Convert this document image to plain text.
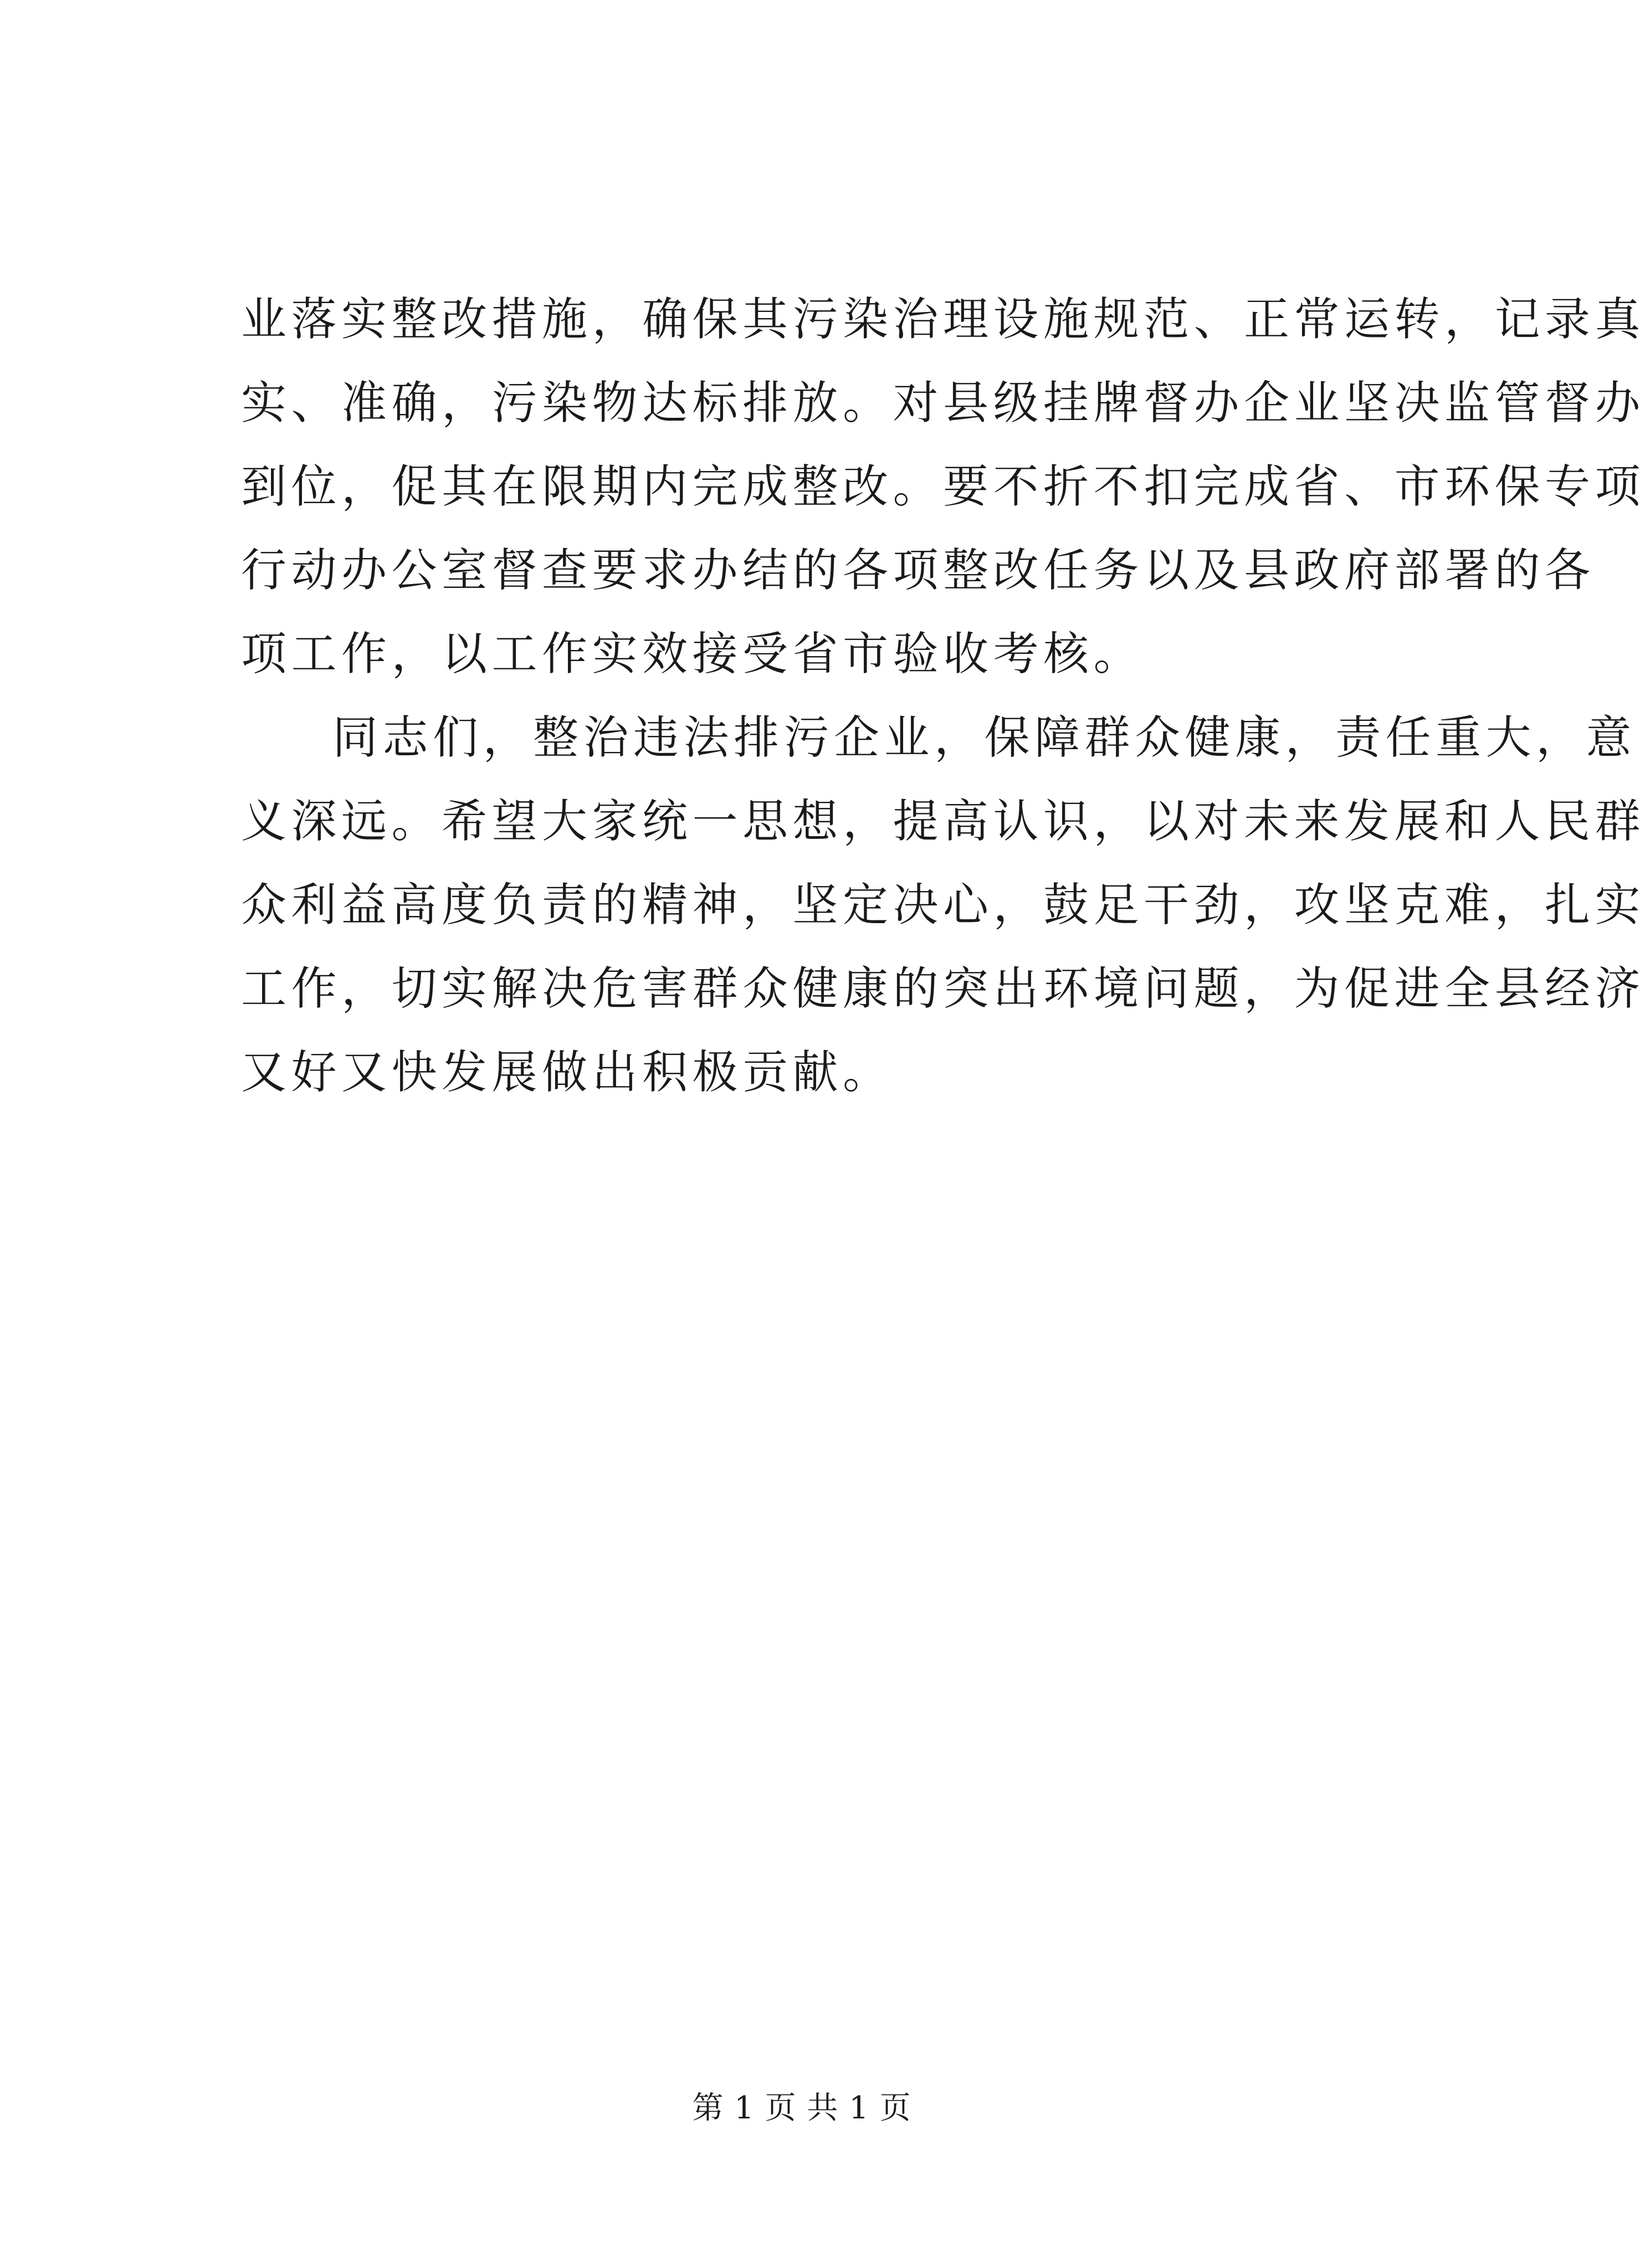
业落实整改措施，确保其污染治理设施规范、正常运转，记录真
实、准确，污染物达标排放。对县级挂牌督办企业坚决监管督办
到位，促其在限期内完成整改。要不折不扣完成省、市环保专项
行动办公室督查要求办结的各项整改任务以及县政府部署的各
项工作，以工作实效接受省市验收考核。
同志们，整治违法排污企业，保障群众健康，责任重大，意
义深远。希望大家统一思想，提高认识，以对未来发展和人民群
众利益高度负责的精神，坚定决心，鼓足干劲，攻坚克难，扎实
工作，切实解决危害群众健康的突出环境问题，为促进全县经济
又好又快发展做出积极贡献。
第 1 页 共 1 页
